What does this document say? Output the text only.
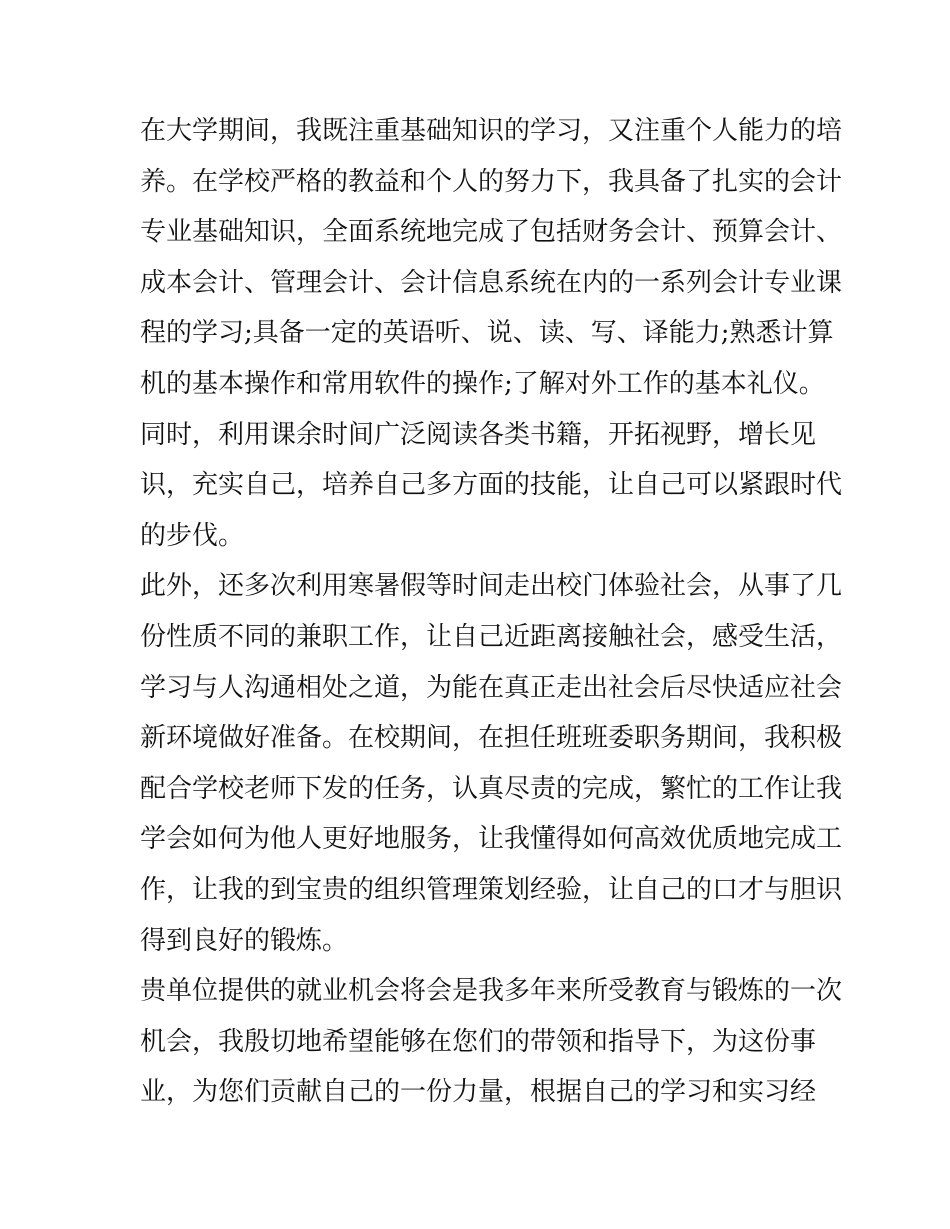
在大学期间，我既注重基础知识的学习，又注重个人能力的培
养。在学校严格的教益和个人的努力下，我具备了扎实的会计
专业基础知识，全面系统地完成了包括财务会计、预算会计、
成本会计、管理会计、会计信息系统在内的一系列会计专业课
程的学习;具备一定的英语听、说、读、写、译能力;熟悉计算
机的基本操作和常用软件的操作;了解对外工作的基本礼仪。
同时，利用课余时间广泛阅读各类书籍，开拓视野，增长见
识，充实自己，培养自己多方面的技能，让自己可以紧跟时代
的步伐。
此外，还多次利用寒暑假等时间走出校门体验社会，从事了几
份性质不同的兼职工作，让自己近距离接触社会，感受生活，
学习与人沟通相处之道，为能在真正走出社会后尽快适应社会
新环境做好准备。在校期间，在担任班班委职务期间，我积极
配合学校老师下发的任务，认真尽责的完成，繁忙的工作让我
学会如何为他人更好地服务，让我懂得如何高效优质地完成工
作，让我的到宝贵的组织管理策划经验，让自己的口才与胆识
得到良好的锻炼。
贵单位提供的就业机会将会是我多年来所受教育与锻炼的一次
机会，我殷切地希望能够在您们的带领和指导下，为这份事
业，为您们贡献自己的一份力量，根据自己的学习和实习经
